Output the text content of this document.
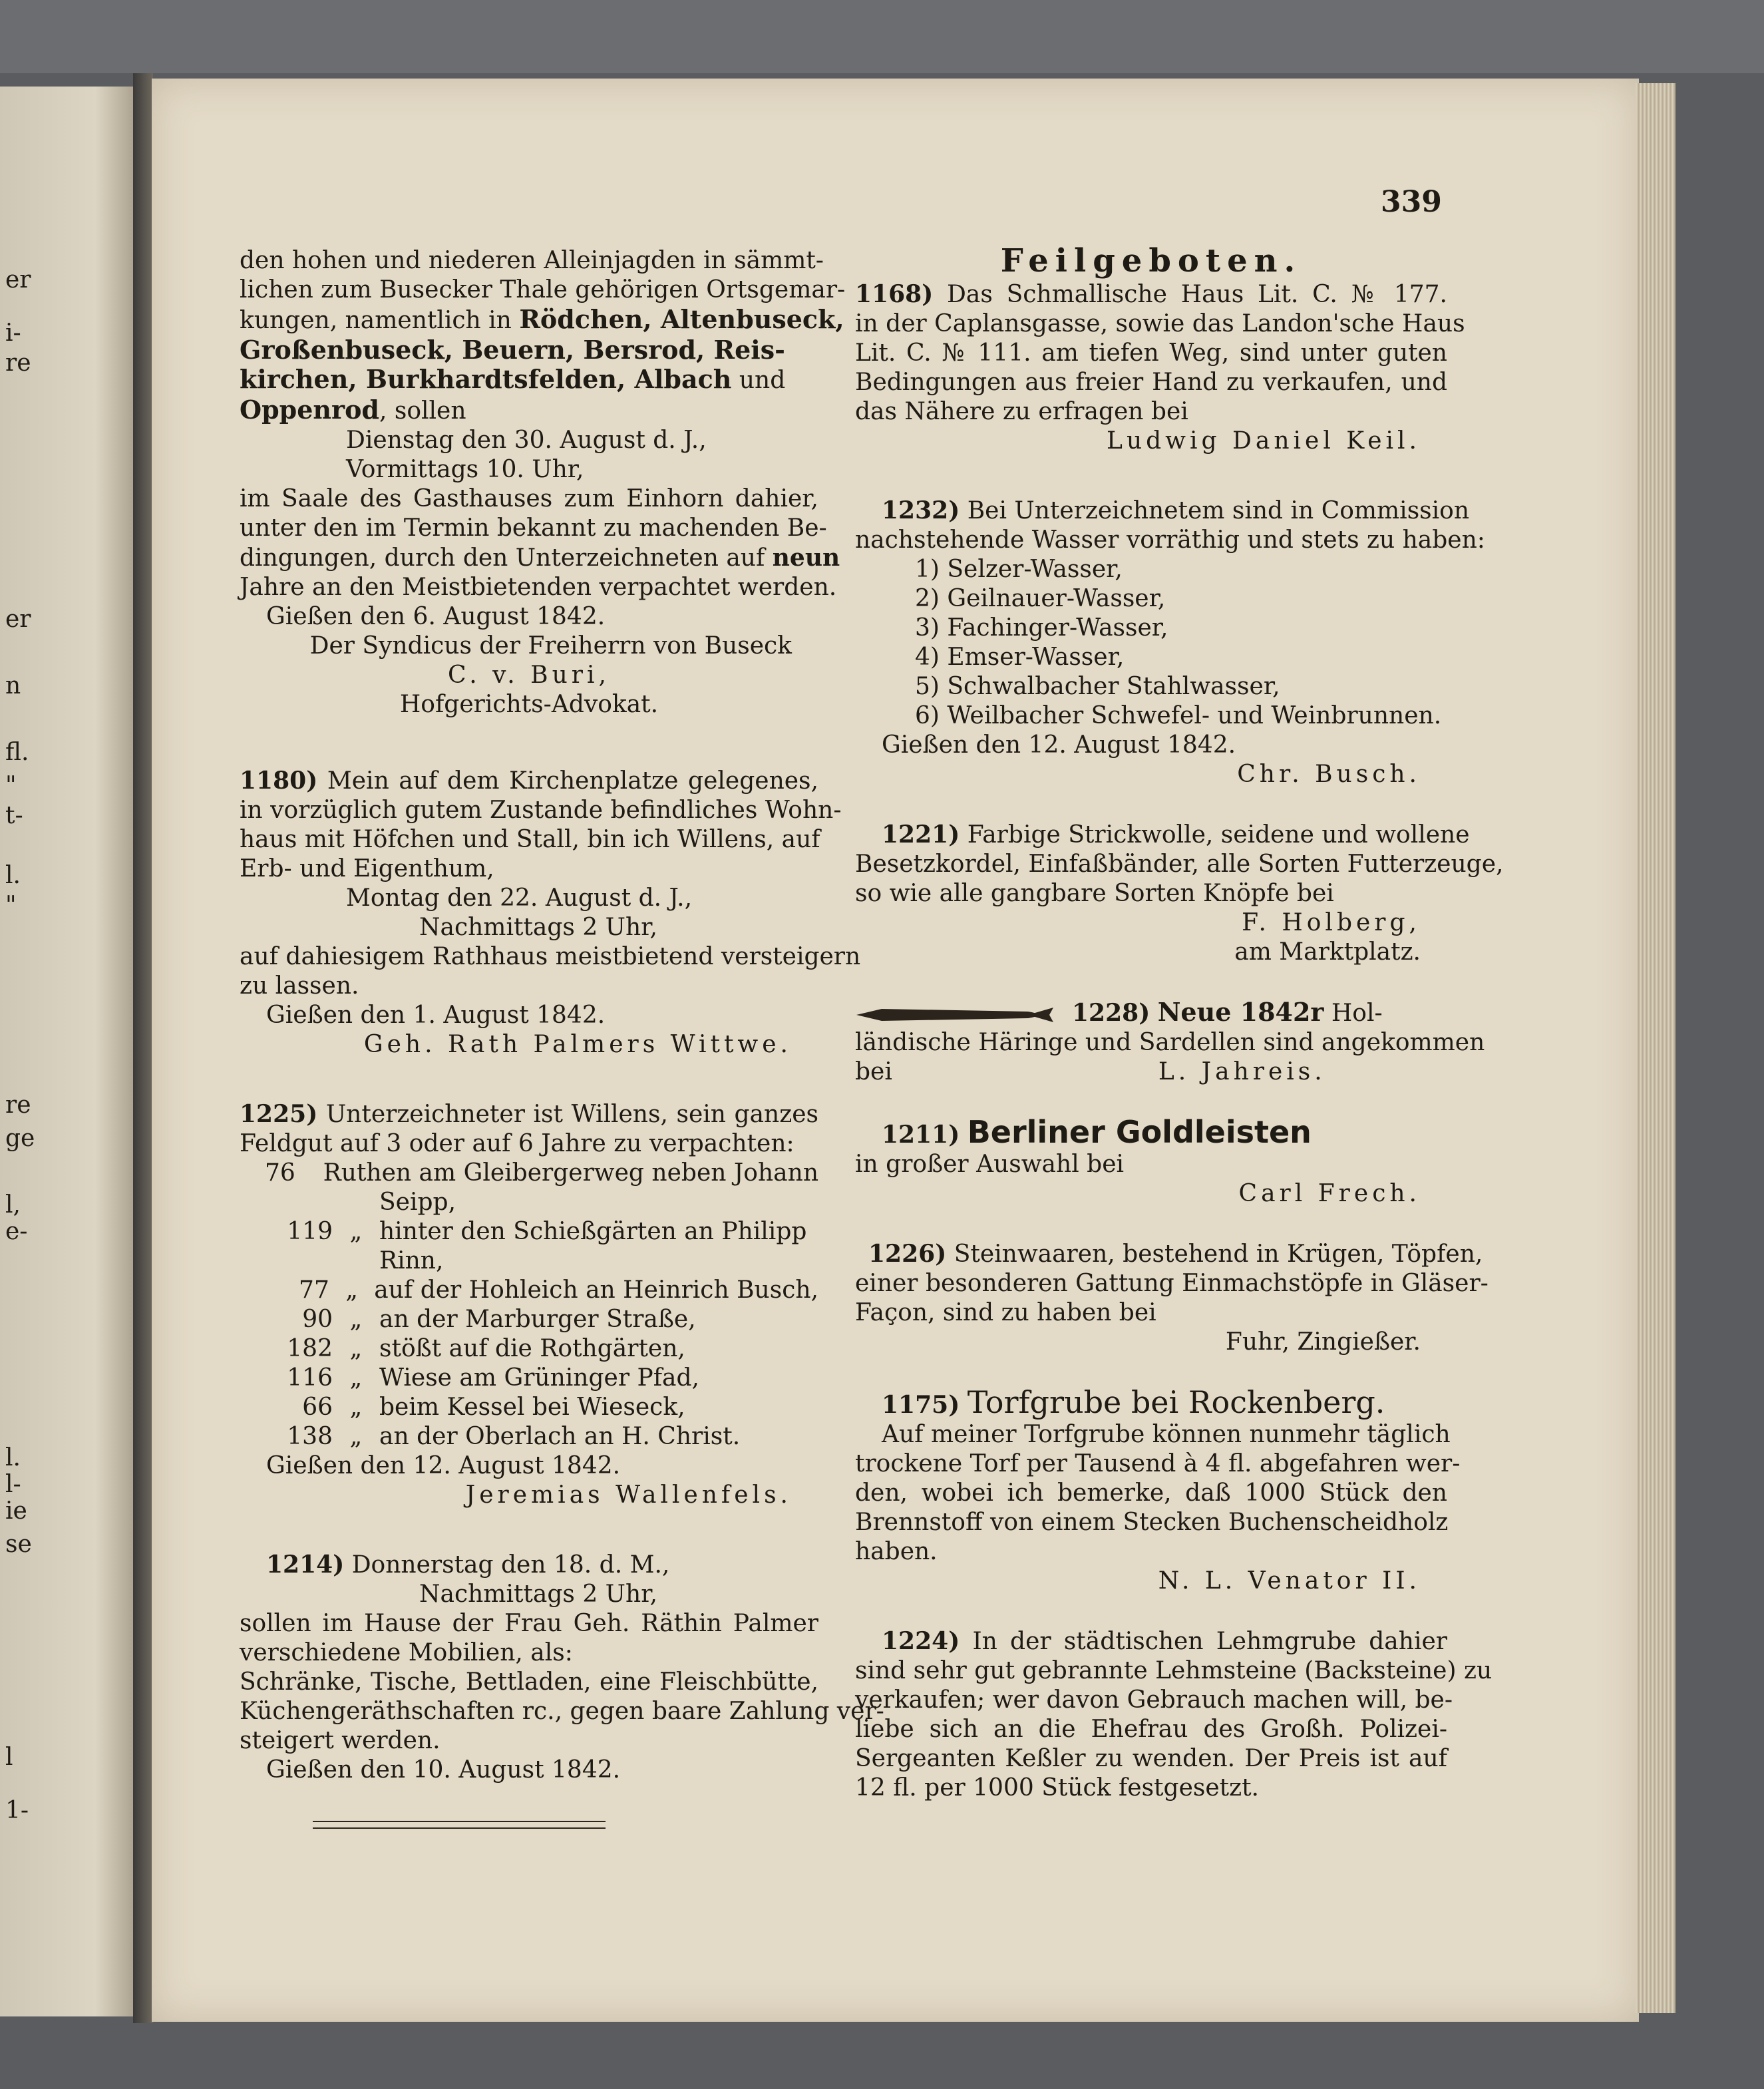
er
i-
re
er
n
fl.
"
t-
l.
"
re
ge
l,
e-
l.
l-
ie
se
l
1-
339
den hohen und niederen Alleinjagden in sämmt-
lichen zum Busecker Thale gehörigen Ortsgemar-
kungen, namentlich in Rödchen, Altenbuseck,
Großenbuseck, Beuern, Bersrod, Reis-
kirchen, Burkhardtsfelden, Albach und
Oppenrod, sollen
Dienstag den 30. August d. J.,
Vormittags 10. Uhr,
im Saale des Gasthauses zum Einhorn dahier,
unter den im Termin bekannt zu machenden Be-
dingungen, durch den Unterzeichneten auf neun
Jahre an den Meistbietenden verpachtet werden.
Gießen den 6. August 1842.
Der Syndicus der Freiherrn von Buseck
C. v. Buri,
Hofgerichts-Advokat.
1180) Mein auf dem Kirchenplatze gelegenes,
in vorzüglich gutem Zustande befindliches Wohn-
haus mit Höfchen und Stall, bin ich Willens, auf
Erb- und Eigenthum,
Montag den 22. August d. J.,
Nachmittags 2 Uhr,
auf dahiesigem Rathhaus meistbietend versteigern
zu lassen.
Gießen den 1. August 1842.
Geh. Rath Palmers Wittwe.
1225) Unterzeichneter ist Willens, sein ganzes
Feldgut auf 3 oder auf 6 Jahre zu verpachten:
76 Ruthen am Gleibergerweg neben Johann
Seipp,
119 „ hinter den Schießgärten an Philipp
Rinn,
77 „ auf der Hohleich an Heinrich Busch,
90 „ an der Marburger Straße,
182 „ stößt auf die Rothgärten,
116 „ Wiese am Grüninger Pfad,
66 „ beim Kessel bei Wieseck,
138 „ an der Oberlach an H. Christ.
Gießen den 12. August 1842.
Jeremias Wallenfels.
1214) Donnerstag den 18. d. M.,
Nachmittags 2 Uhr,
sollen im Hause der Frau Geh. Räthin Palmer
verschiedene Mobilien, als:
Schränke, Tische, Bettladen, eine Fleischbütte,
Küchengeräthschaften rc., gegen baare Zahlung ver-
steigert werden.
Gießen den 10. August 1842.
Feilgeboten.
1168) Das Schmallische Haus Lit. C. № 177.
in der Caplansgasse, sowie das Landon'sche Haus
Lit. C. № 111. am tiefen Weg, sind unter guten
Bedingungen aus freier Hand zu verkaufen, und
das Nähere zu erfragen bei
Ludwig Daniel Keil.
1232) Bei Unterzeichnetem sind in Commission
nachstehende Wasser vorräthig und stets zu haben:
1) Selzer-Wasser,
2) Geilnauer-Wasser,
3) Fachinger-Wasser,
4) Emser-Wasser,
5) Schwalbacher Stahlwasser,
6) Weilbacher Schwefel- und Weinbrunnen.
Gießen den 12. August 1842.
Chr. Busch.
1221) Farbige Strickwolle, seidene und wollene
Besetzkordel, Einfaßbänder, alle Sorten Futterzeuge,
so wie alle gangbare Sorten Knöpfe bei
F. Holberg,
am Marktplatz.
1228) Neue 1842r Hol-
ländische Häringe und Sardellen sind angekommen
bei	L. Jahreis.
1211) Berliner Goldleisten
in großer Auswahl bei
Carl Frech.
1226) Steinwaaren, bestehend in Krügen, Töpfen,
einer besonderen Gattung Einmachstöpfe in Gläser-
Façon, sind zu haben bei
Fuhr, Zingießer.
1175) Torfgrube bei Rockenberg.
Auf meiner Torfgrube können nunmehr täglich
trockene Torf per Tausend à 4 fl. abgefahren wer-
den, wobei ich bemerke, daß 1000 Stück den
Brennstoff von einem Stecken Buchenscheidholz
haben.
N. L. Venator II.
1224) In der städtischen Lehmgrube dahier
sind sehr gut gebrannte Lehmsteine (Backsteine) zu
verkaufen; wer davon Gebrauch machen will, be-
liebe sich an die Ehefrau des Großh. Polizei-
Sergeanten Keßler zu wenden. Der Preis ist auf
12 fl. per 1000 Stück festgesetzt.
